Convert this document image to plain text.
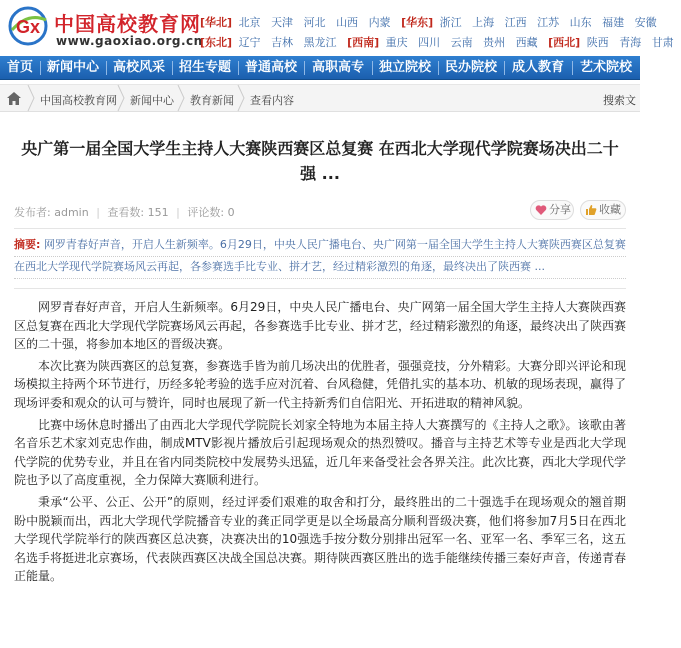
Gx 中国高校教育网
www.gaoxiao.org.cn
[华北] 北京 天津 河北 山西 内蒙 [华东] 浙江 上海 江西 江苏 山东 福建 安徽
[东北] 辽宁 吉林 黑龙江 [西南] 重庆 四川 云南 贵州 西藏 [西北] 陕西 青海 甘肃
首页	新闻中心	高校风采	招生专题	普通高校	高职高专	独立院校	民办院校	成人教育	艺术院校
中国高校教育网 新闻中心 教育新闻 查看内容	搜索文
央广第一届全国大学生主持人大赛陕西赛区总复赛 在西北大学现代学院赛场决出二十强 ...
发布者: admin | 查看数: 151 | 评论数: 0	分享	收藏
摘要: 网罗青春好声音，开启人生新频率。6月29日，中央人民广播电台、央广网第一届全国大学生主持人大赛陕西赛区总复赛在西北大学现代学院赛场风云再起，各参赛选手比专业、拼才艺，经过精彩激烈的角逐，最终决出了陕西赛 ...

网罗青春好声音，开启人生新频率。6月29日，中央人民广播电台、央广网第一届全国大学生主持人大赛陕西赛区总复赛在西北大学现代学院赛场风云再起，各参赛选手比专业、拼才艺，经过精彩激烈的角逐，最终决出了陕西赛区的二十强，将参加本地区的晋级决赛。

本次比赛为陕西赛区的总复赛，参赛选手皆为前几场决出的优胜者，强强竞技，分外精彩。大赛分即兴评论和现场模拟主持两个环节进行，历经多轮考验的选手应对沉着、台风稳健，凭借扎实的基本功、机敏的现场表现，赢得了现场评委和观众的认可与赞许，同时也展现了新一代主持新秀们自信阳光、开拓进取的精神风貌。

比赛中场休息时播出了由西北大学现代学院院长刘家全特地为本届主持人大赛撰写的《主持人之歌》。该歌由著名音乐艺术家刘克忠作曲，制成MTV影视片播放后引起现场观众的热烈赞叹。播音与主持艺术等专业是西北大学现代学院的优势专业，并且在省内同类院校中发展势头迅猛，近几年来备受社会各界关注。此次比赛，西北大学现代学院也予以了高度重视，全力保障大赛顺利进行。

秉承“公平、公正、公开”的原则，经过评委们艰难的取舍和打分，最终胜出的二十强选手在现场观众的翘首期盼中脱颖而出，西北大学现代学院播音专业的龚正同学更是以全场最高分顺利晋级决赛，他们将参加7月5日在西北大学现代学院举行的陕西赛区总决赛，决赛决出的10强选手按分数分别排出冠军一名、亚军一名、季军三名，这五名选手将挺进北京赛场，代表陕西赛区决战全国总决赛。期待陕西赛区胜出的选手能继续传播三秦好声音，传递青春正能量。
